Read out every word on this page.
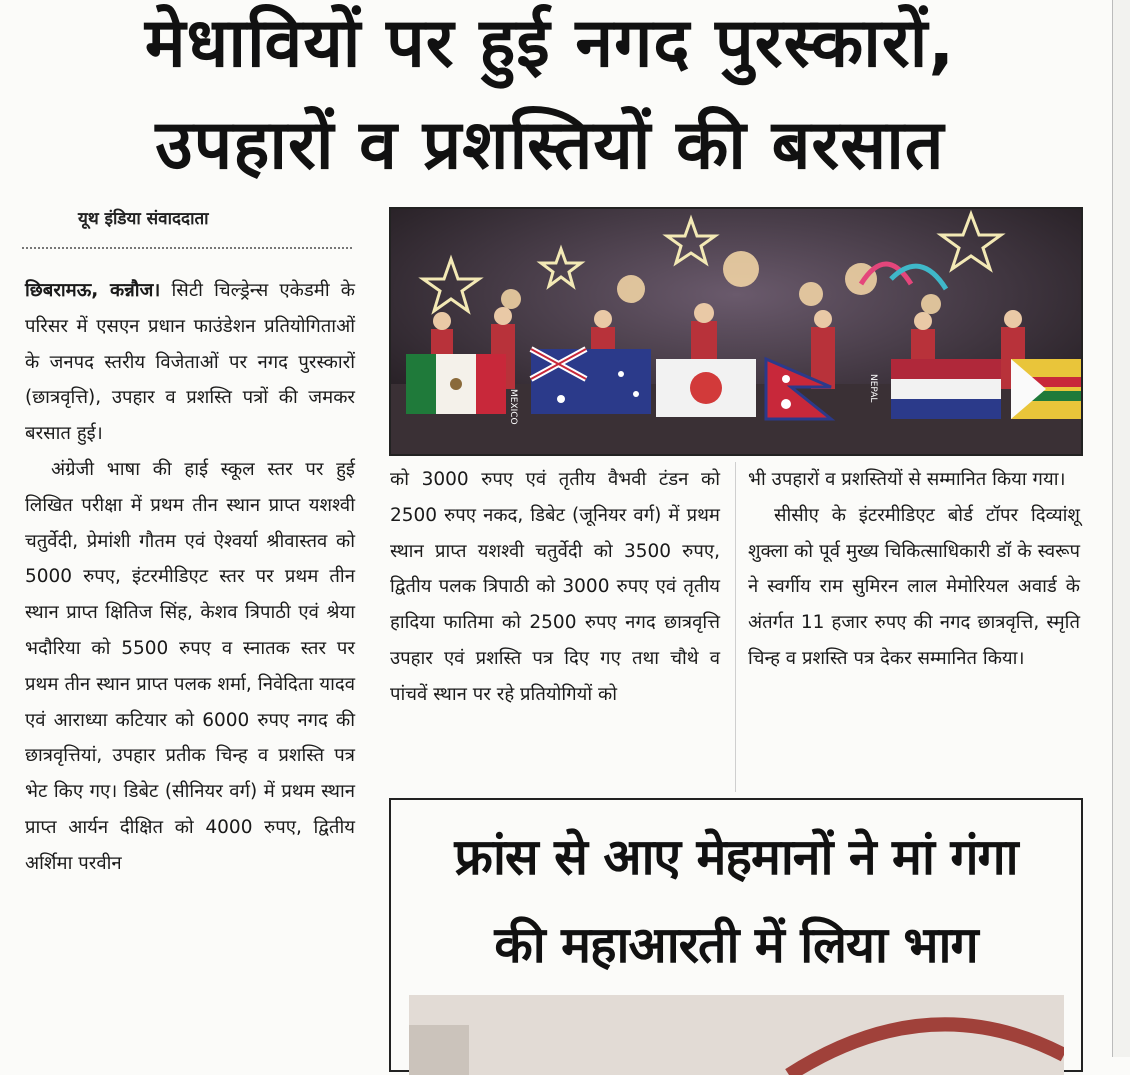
मेधावियों पर हुई नगद पुरस्कारों,
उपहारों व प्रशस्तियों की बरसात
यूथ इंडिया संवाददाता

छिबरामऊ, कन्नौज। सिटी चिल्ड्रेन्स एकेडमी के परिसर में एसएन प्रधान फाउंडेशन प्रतियोगिताओं के जनपद स्तरीय विजेताओं पर नगद पुरस्कारों (छात्रवृत्ति), उपहार व प्रशस्ति पत्रों की जमकर बरसात हुई।

अंग्रेजी भाषा की हाई स्कूल स्तर पर हुई लिखित परीक्षा में प्रथम तीन स्थान प्राप्त यशश्वी चतुर्वेदी, प्रेमांशी गौतम एवं ऐश्वर्या श्रीवास्तव को 5000 रुपए, इंटरमीडिएट स्तर पर प्रथम तीन स्थान प्राप्त क्षितिज सिंह, केशव त्रिपाठी एवं श्रेया भदौरिया को 5500 रुपए व स्नातक स्तर पर प्रथम तीन स्थान प्राप्त पलक शर्मा, निवेदिता यादव एवं आराध्या कटियार को 6000 रुपए नगद की छात्रवृत्तियां, उपहार प्रतीक चिन्ह व प्रशस्ति पत्र भेट किए गए। डिबेट (सीनियर वर्ग) में प्रथम स्थान प्राप्त आर्यन दीक्षित को 4000 रुपए, द्वितीय अर्शिमा परवीन

MEXICO
NEPAL

को 3000 रुपए एवं तृतीय वैभवी टंडन को 2500 रुपए नकद, डिबेट (जूनियर वर्ग) में प्रथम स्थान प्राप्त यशश्वी चतुर्वेदी को 3500 रुपए, द्वितीय पलक त्रिपाठी को 3000 रुपए एवं तृतीय हादिया फातिमा को 2500 रुपए नगद छात्रवृत्ति उपहार एवं प्रशस्ति पत्र दिए गए तथा चौथे व पांचवें स्थान पर रहे प्रतियोगियों को

भी उपहारों व प्रशस्तियों से सम्मानित किया गया।

सीसीए के इंटरमीडिएट बोर्ड टॉपर दिव्यांशू शुक्ला को पूर्व मुख्य चिकित्साधिकारी डॉ के स्वरूप ने स्वर्गीय राम सुमिरन लाल मेमोरियल अवार्ड के अंतर्गत 11 हजार रुपए की नगद छात्रवृत्ति, स्मृति चिन्ह व प्रशस्ति पत्र देकर सम्मानित किया।

फ्रांस से आए मेहमानों ने मां गंगा
की महाआरती में लिया भाग
